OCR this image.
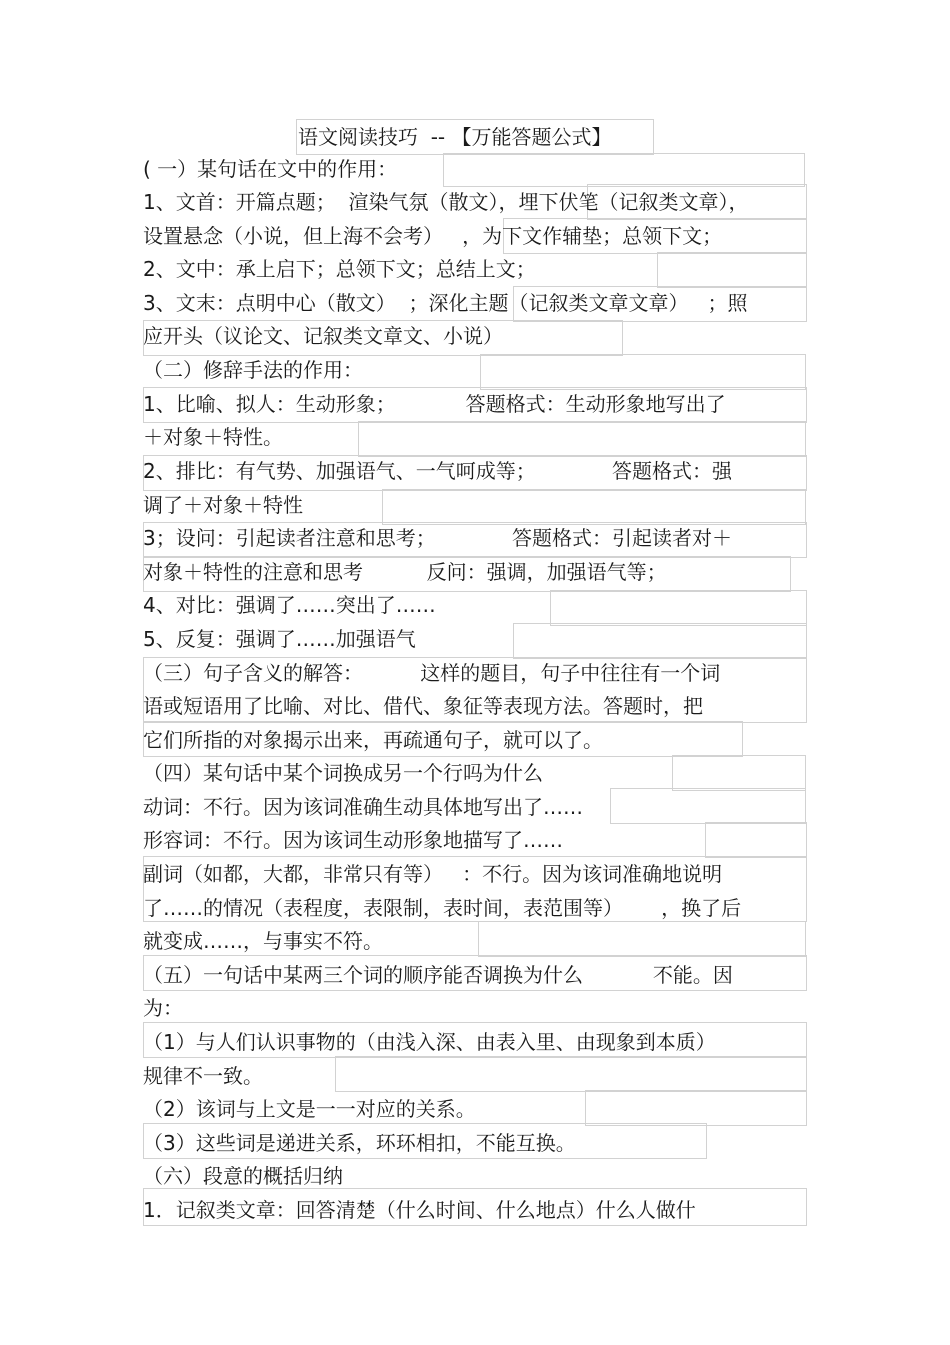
语文阅读技巧  -- 【万能答题公式】
( 一）某句话在文中的作用：
1、文首：开篇点题；  渲染气氛（散文），埋下伏笔（记叙类文章），
设置悬念（小说，但上海不会考）   ，为下文作辅垫；总领下文；
2、文中：承上启下；总领下文；总结上文；
3、文末：点明中心（散文）  ；深化主题（记叙类文章文章）   ；照
应开头（议论文、记叙类文章文、小说）
（二）修辞手法的作用：
1、比喻、拟人：生动形象；           答题格式：生动形象地写出了
＋对象＋特性。
2、排比：有气势、加强语气、一气呵成等；            答题格式：强
调了＋对象＋特性
3；设问：引起读者注意和思考；            答题格式：引起读者对＋
对象＋特性的注意和思考          反问：强调，加强语气等；
4、对比：强调了……突出了……
5、反复：强调了……加强语气
（三）句子含义的解答：         这样的题目，句子中往往有一个词
语或短语用了比喻、对比、借代、象征等表现方法。答题时，把
它们所指的对象揭示出来，再疏通句子，就可以了。
（四）某句话中某个词换成另一个行吗为什么
动词：不行。因为该词准确生动具体地写出了……
形容词：不行。因为该词生动形象地描写了……
副词（如都，大都，非常只有等）   ：不行。因为该词准确地说明
了……的情况（表程度，表限制，表时间，表范围等）      ，换了后
就变成……，与事实不符。
（五）一句话中某两三个词的顺序能否调换为什么           不能。因
为：
（1）与人们认识事物的（由浅入深、由表入里、由现象到本质）
规律不一致。
（2）该词与上文是一一对应的关系。
（3）这些词是递进关系，环环相扣，不能互换。
（六）段意的概括归纳
1．记叙类文章：回答清楚（什么时间、什么地点）什么人做什
